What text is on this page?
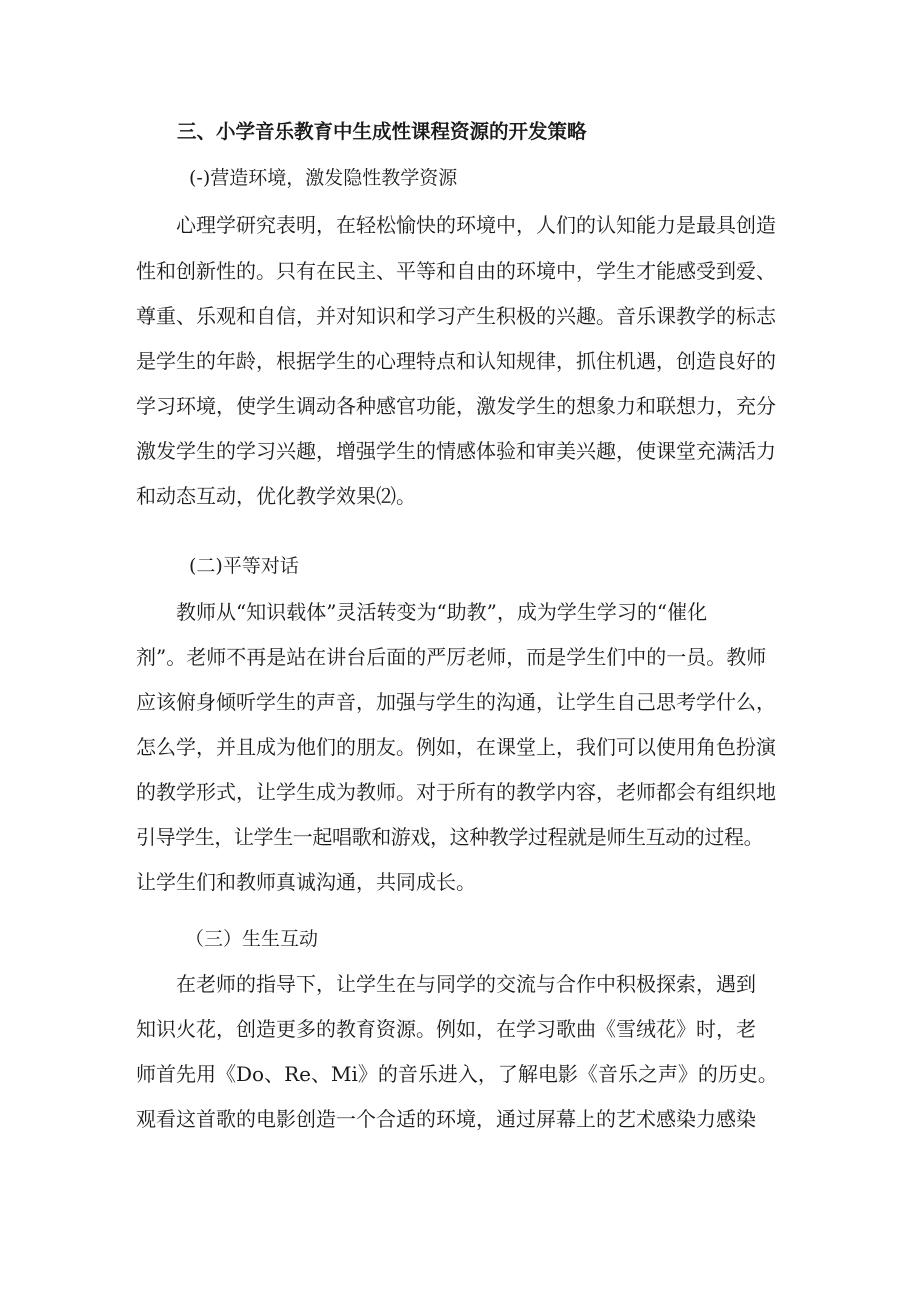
三、小学音乐教育中生成性课程资源的开发策略
(-)营造环境，激发隐性教学资源
心理学研究表明，在轻松愉快的环境中，人们的认知能力是最具创造
性和创新性的。只有在民主、平等和自由的环境中，学生才能感受到爱、
尊重、乐观和自信，并对知识和学习产生积极的兴趣。音乐课教学的标志
是学生的年龄，根据学生的心理特点和认知规律，抓住机遇，创造良好的
学习环境，使学生调动各种感官功能，激发学生的想象力和联想力，充分
激发学生的学习兴趣，增强学生的情感体验和审美兴趣，使课堂充满活力
和动态互动，优化教学效果⑵。
(二)平等对话
教师从“知识载体”灵活转变为“助教”，成为学生学习的“催化
剂”。老师不再是站在讲台后面的严厉老师，而是学生们中的一员。教师
应该俯身倾听学生的声音，加强与学生的沟通，让学生自己思考学什么，
怎么学，并且成为他们的朋友。例如，在课堂上，我们可以使用角色扮演
的教学形式，让学生成为教师。对于所有的教学内容，老师都会有组织地
引导学生，让学生一起唱歌和游戏，这种教学过程就是师生互动的过程。
让学生们和教师真诚沟通，共同成长。
（三）生生互动
在老师的指导下，让学生在与同学的交流与合作中积极探索，遇到
知识火花，创造更多的教育资源。例如，在学习歌曲《雪绒花》时，老
师首先用《Do、Re、Mi》的音乐进入，了解电影《音乐之声》的历史。
观看这首歌的电影创造一个合适的环境，通过屏幕上的艺术感染力感染
